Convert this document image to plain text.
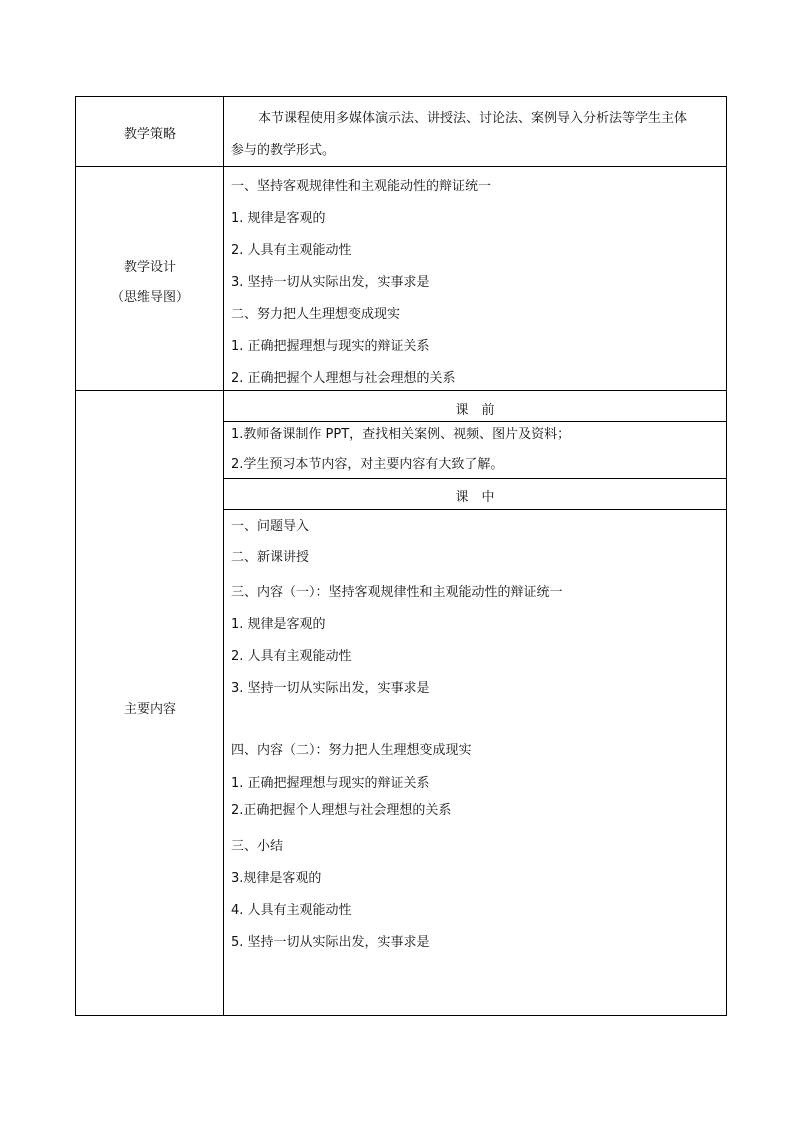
教学策略
本节课程使用多媒体演示法、讲授法、讨论法、案例导入分析法等学生主体
参与的教学形式。
教学设计
（思维导图）
一、坚持客观规律性和主观能动性的辩证统一
1. 规律是客观的
2. 人具有主观能动性
3. 坚持一切从实际出发，实事求是
二、努力把人生理想变成现实
1. 正确把握理想与现实的辩证关系
2. 正确把握个人理想与社会理想的关系
主要内容
课　前
1.教师备课制作 PPT，查找相关案例、视频、图片及资料；
2.学生预习本节内容，对主要内容有大致了解。
课　中
一、问题导入
二、新课讲授
三、内容（一）：坚持客观规律性和主观能动性的辩证统一
1. 规律是客观的
2. 人具有主观能动性
3. 坚持一切从实际出发，实事求是
四、内容（二）：努力把人生理想变成现实
1. 正确把握理想与现实的辩证关系
2.正确把握个人理想与社会理想的关系
三、小结
3.规律是客观的
4. 人具有主观能动性
5. 坚持一切从实际出发，实事求是
